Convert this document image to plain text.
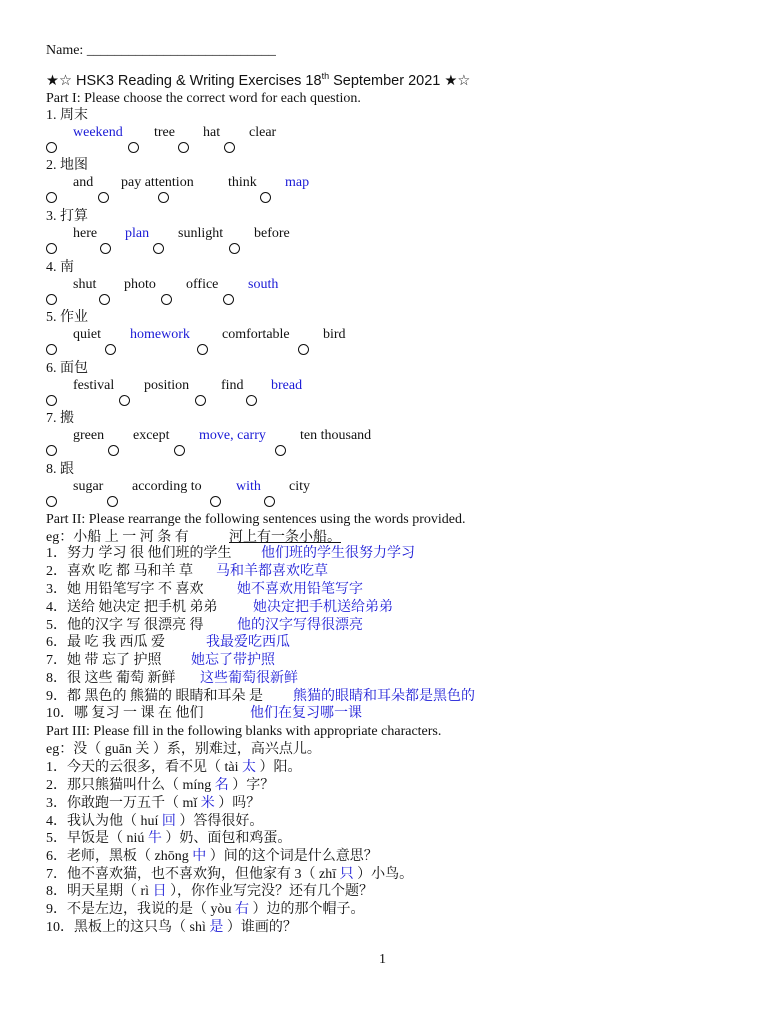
Name: ___________________________
★☆ HSK3 Reading & Writing Exercises 18th September 2021 ★☆
Part I: Please choose the correct word for each question.
1. 周末
weekend tree hat clear
2. 地图
and pay attention think map
3. 打算
here plan sunlight before
4. 南
shut photo office south
5. 作业
quiet homework comfortable bird
6. 面包
festival position find bread
7. 搬
green except move, carry ten thousand
8. 跟
sugar according to with city
Part II: Please rearrange the following sentences using the words provided.
eg：小船 上 一 河 条 有	河上有一条小船。
1．努力 学习 很 他们班的学生 他们班的学生很努力学习
2．喜欢 吃 都 马和羊 草 马和羊都喜欢吃草
3．她 用铅笔写字 不 喜欢 她不喜欢用铅笔写字
4．送给 她决定 把手机 弟弟	她决定把手机送给弟弟
5．他的汉字 写 很漂亮 得 他的汉字写得很漂亮
6．最 吃 我 西瓜 爱	我最爱吃西瓜
7．她 带 忘了 护照 她忘了带护照
8．很 这些 葡萄 新鲜 这些葡萄很新鲜
9．都 黑色的 熊猫的 眼睛和耳朵 是 熊猫的眼睛和耳朵都是黑色的
10．哪 复习 一 课 在 他们	他们在复习哪一课
Part III: Please fill in the following blanks with appropriate characters.
eg：没（ guān 关 ）系，别难过，高兴点儿。
1．今天的云很多，看不见（ tài 太 ）阳。
2．那只熊猫叫什么（ míng 名 ）字？
3．你敢跑一万五千（ mǐ 米 ）吗？
4．我认为他（ huí 回 ）答得很好。
5．早饭是（ niú 牛 ）奶、面包和鸡蛋。
6．老师，黑板（ zhōng 中 ）间的这个词是什么意思？
7．他不喜欢猫，也不喜欢狗，但他家有 3（ zhī 只 ）小鸟。
8．明天星期（ rì 日 ），你作业写完没？还有几个题？
9．不是左边，我说的是（ yòu 右 ）边的那个帽子。
10．黑板上的这只鸟（ shì 是 ）谁画的？
1
